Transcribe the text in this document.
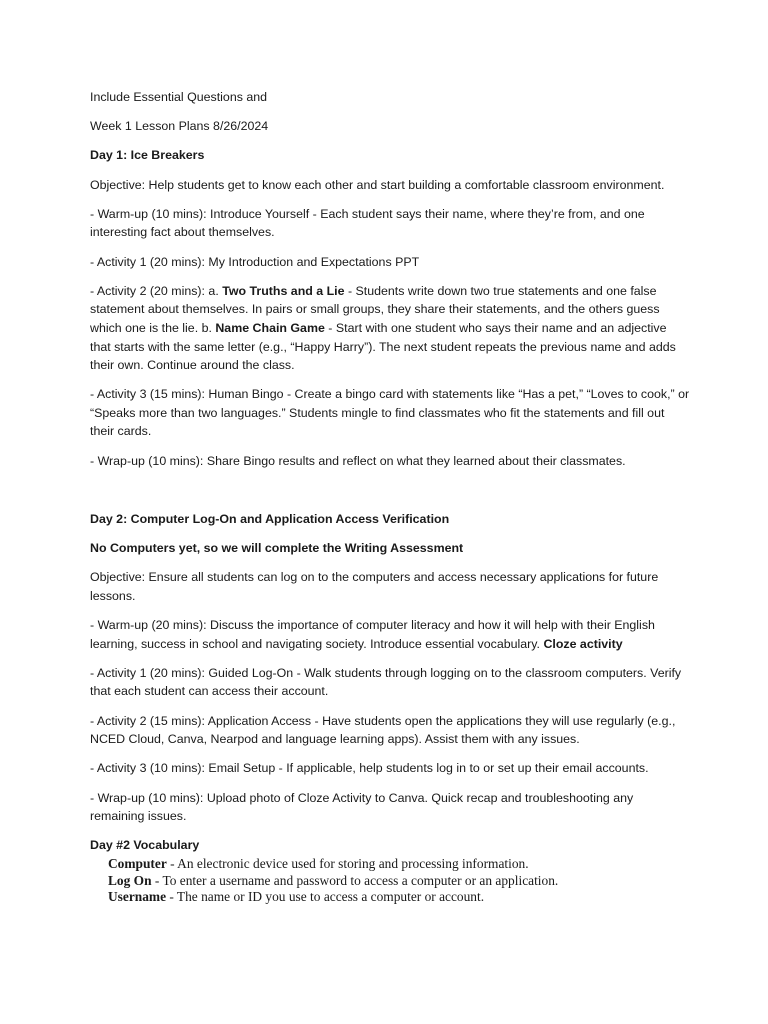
Include Essential Questions and

Week 1 Lesson Plans 8/26/2024

Day 1: Ice Breakers

Objective: Help students get to know each other and start building a comfortable classroom environment.

- Warm-up (10 mins): Introduce Yourself - Each student says their name, where they’re from, and one interesting fact about themselves.

- Activity 1 (20 mins): My Introduction and Expectations PPT

- Activity 2 (20 mins): a. Two Truths and a Lie - Students write down two true statements and one false statement about themselves. In pairs or small groups, they share their statements, and the others guess which one is the lie. b. Name Chain Game - Start with one student who says their name and an adjective that starts with the same letter (e.g., “Happy Harry”). The next student repeats the previous name and adds their own. Continue around the class.

- Activity 3 (15 mins): Human Bingo - Create a bingo card with statements like “Has a pet,” “Loves to cook,” or “Speaks more than two languages.” Students mingle to find classmates who fit the statements and fill out their cards.

- Wrap-up (10 mins): Share Bingo results and reflect on what they learned about their classmates.

Day 2: Computer Log-On and Application Access Verification

No Computers yet, so we will complete the Writing Assessment

Objective: Ensure all students can log on to the computers and access necessary applications for future lessons.

- Warm-up (20 mins): Discuss the importance of computer literacy and how it will help with their English learning, success in school and navigating society. Introduce essential vocabulary. Cloze activity

- Activity 1 (20 mins): Guided Log-On - Walk students through logging on to the classroom computers. Verify that each student can access their account.

- Activity 2 (15 mins): Application Access - Have students open the applications they will use regularly (e.g., NCED Cloud, Canva, Nearpod and language learning apps). Assist them with any issues.

- Activity 3 (10 mins): Email Setup - If applicable, help students log in to or set up their email accounts.

- Wrap-up (10 mins): Upload photo of Cloze Activity to Canva. Quick recap and troubleshooting any remaining issues.

Day #2 Vocabulary

Computer - An electronic device used for storing and processing information.
Log On - To enter a username and password to access a computer or an application.
Username - The name or ID you use to access a computer or account.
